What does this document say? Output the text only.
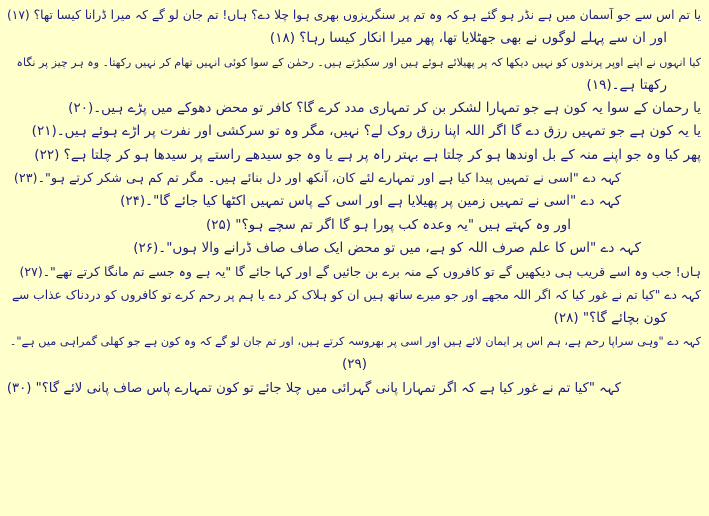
یا تم اس سے جو آسمان میں ہے نڈر ہو گئے ہو کہ وہ تم پر سنگریزوں بھری ہوا چلا دے؟ ہاں! تم جان لو گے کہ میرا ڈرانا کیسا تھا؟ (۱۷)
اور ان سے پہلے لوگوں نے بھی جھٹلایا تھا، پھر میرا انکار کیسا رہا؟ (۱۸)
کیا انہوں نے اپنے اوپر پرندوں کو نہیں دیکھا کہ پر پھیلائے ہوئے ہیں اور سکیڑتے ہیں۔ رحمٰن کے سوا کوئی انہیں تھام کر نہیں رکھتا۔ وہ ہر چیز پر نگاہ
رکھتا ہے۔(۱۹)
یا رحمان کے سوا یہ کون ہے جو تمہارا لشکر بن کر تمہاری مدد کرے گا؟ کافر تو محض دھوکے میں پڑے ہیں۔(۲۰)
یا یہ کون ہے جو تمہیں رزق دے گا اگر اللہ اپنا رزق روک لے؟ نہیں، مگر وہ تو سرکشی اور نفرت پر اڑے ہوئے ہیں۔(۲۱)
پھر کیا وہ جو اپنے منہ کے بل اوندھا ہو کر چلتا ہے بہتر راہ پر ہے یا وہ جو سیدھے راستے پر سیدھا ہو کر چلتا ہے؟ (۲۲)
کہہ دے "اسی نے تمہیں پیدا کیا ہے اور تمہارے لئے کان، آنکھ اور دل بنائے ہیں۔ مگر تم کم ہی شکر کرتے ہو"۔(۲۳)
کہہ دے "اسی نے تمہیں زمین پر پھیلایا ہے اور اسی کے پاس تمہیں اکٹھا کیا جائے گا"۔(۲۴)
اور وہ کہتے ہیں "یہ وعدہ کب پورا ہو گا اگر تم سچے ہو؟" (۲۵)
کہہ دے "اس کا علم صرف اللہ کو ہے، میں تو محض ایک صاف صاف ڈرانے والا ہوں"۔(۲۶)
ہاں! جب وہ اسے قریب ہی دیکھیں گے تو کافروں کے منہ برے بن جائیں گے اور کہا جائے گا "یہ ہے وہ جسے تم مانگا کرتے تھے"۔(۲۷)
کہہ دے "کیا تم نے غور کیا کہ اگر اللہ مجھے اور جو میرے ساتھ ہیں ان کو ہلاک کر دے یا ہم پر رحم کرے تو کافروں کو دردناک عذاب سے
کون بچائے گا؟" (۲۸)
کہہ دے "وہی سراپا رحم ہے، ہم اس پر ایمان لائے ہیں اور اسی پر بھروسہ کرتے ہیں، اور تم جان لو گے کہ وہ کون ہے جو کھلی گمراہی میں ہے"۔
(۲۹)
کہہ "کیا تم نے غور کیا ہے کہ اگر تمہارا پانی گہرائی میں چلا جائے تو کون تمہارے پاس صاف پانی لائے گا؟" (۳۰)
